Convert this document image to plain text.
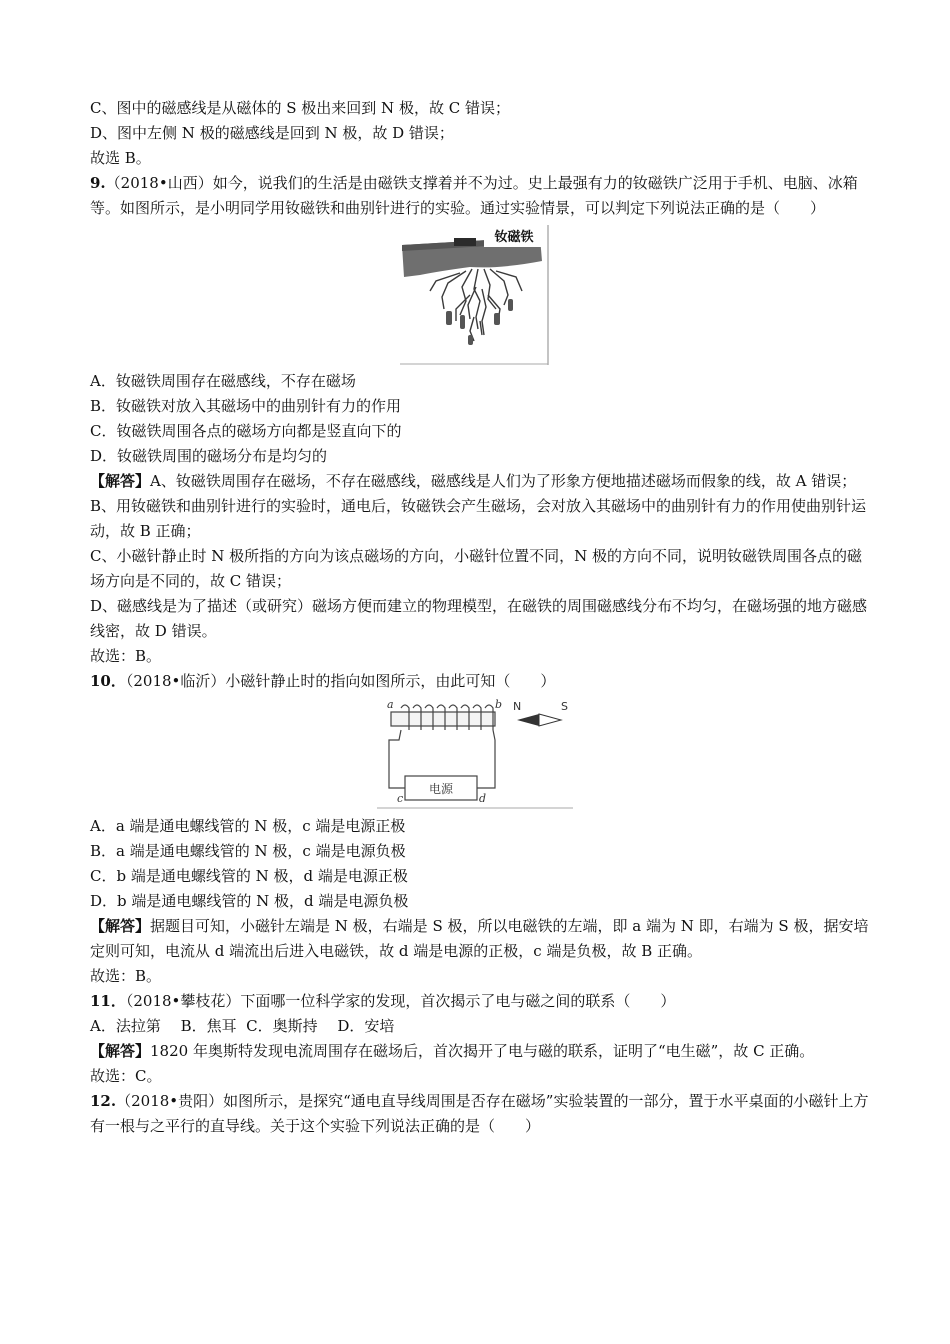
C、图中的磁感线是从磁体的 S 极出来回到 N 极，故 C 错误；
D、图中左侧 N 极的磁感线是回到 N 极，故 D 错误；
故选 B。
9.（2018•山西）如今，说我们的生活是由磁铁支撑着并不为过。史上最强有力的钕磁铁广泛用于手机、电脑、冰箱等。如图所示，是小明同学用钕磁铁和曲别针进行的实验。通过实验情景，可以判定下列说法正确的是（　　）
钕磁铁
A．钕磁铁周围存在磁感线，不存在磁场
B．钕磁铁对放入其磁场中的曲别针有力的作用
C．钕磁铁周围各点的磁场方向都是竖直向下的
D．钕磁铁周围的磁场分布是均匀的
【解答】A、钕磁铁周围存在磁场，不存在磁感线，磁感线是人们为了形象方便地描述磁场而假象的线，故 A 错误；
B、用钕磁铁和曲别针进行的实验时，通电后，钕磁铁会产生磁场，会对放入其磁场中的曲别针有力的作用使曲别针运动，故 B 正确；
C、小磁针静止时 N 极所指的方向为该点磁场的方向，小磁针位置不同，N 极的方向不同，说明钕磁铁周围各点的磁场方向是不同的，故 C 错误；
D、磁感线是为了描述（或研究）磁场方便而建立的物理模型，在磁铁的周围磁感线分布不均匀，在磁场强的地方磁感线密，故 D 错误。
故选：B。
10．（2018•临沂）小磁针静止时的指向如图所示，由此可知（　　）
a	b
c	d
电源
N	S
A．a 端是通电螺线管的 N 极，c 端是电源正极
B．a 端是通电螺线管的 N 极，c 端是电源负极
C．b 端是通电螺线管的 N 极，d 端是电源正极
D．b 端是通电螺线管的 N 极，d 端是电源负极
【解答】据题目可知，小磁针左端是 N 极，右端是 S 极，所以电磁铁的左端，即 a 端为 N 即，右端为 S 极，据安培定则可知，电流从 d 端流出后进入电磁铁，故 d 端是电源的正极，c 端是负极，故 B 正确。
故选：B。
11．（2018•攀枝花）下面哪一位科学家的发现，首次揭示了电与磁之间的联系（　　）
A．法拉第　 B．焦耳  C．奥斯持　 D．安培
【解答】1820 年奥斯特发现电流周围存在磁场后，首次揭开了电与磁的联系，证明了“电生磁”，故 C 正确。
故选：C。
12.（2018•贵阳）如图所示，是探究“通电直导线周围是否存在磁场”实验装置的一部分，置于水平桌面的小磁针上方有一根与之平行的直导线。关于这个实验下列说法正确的是（　　）
